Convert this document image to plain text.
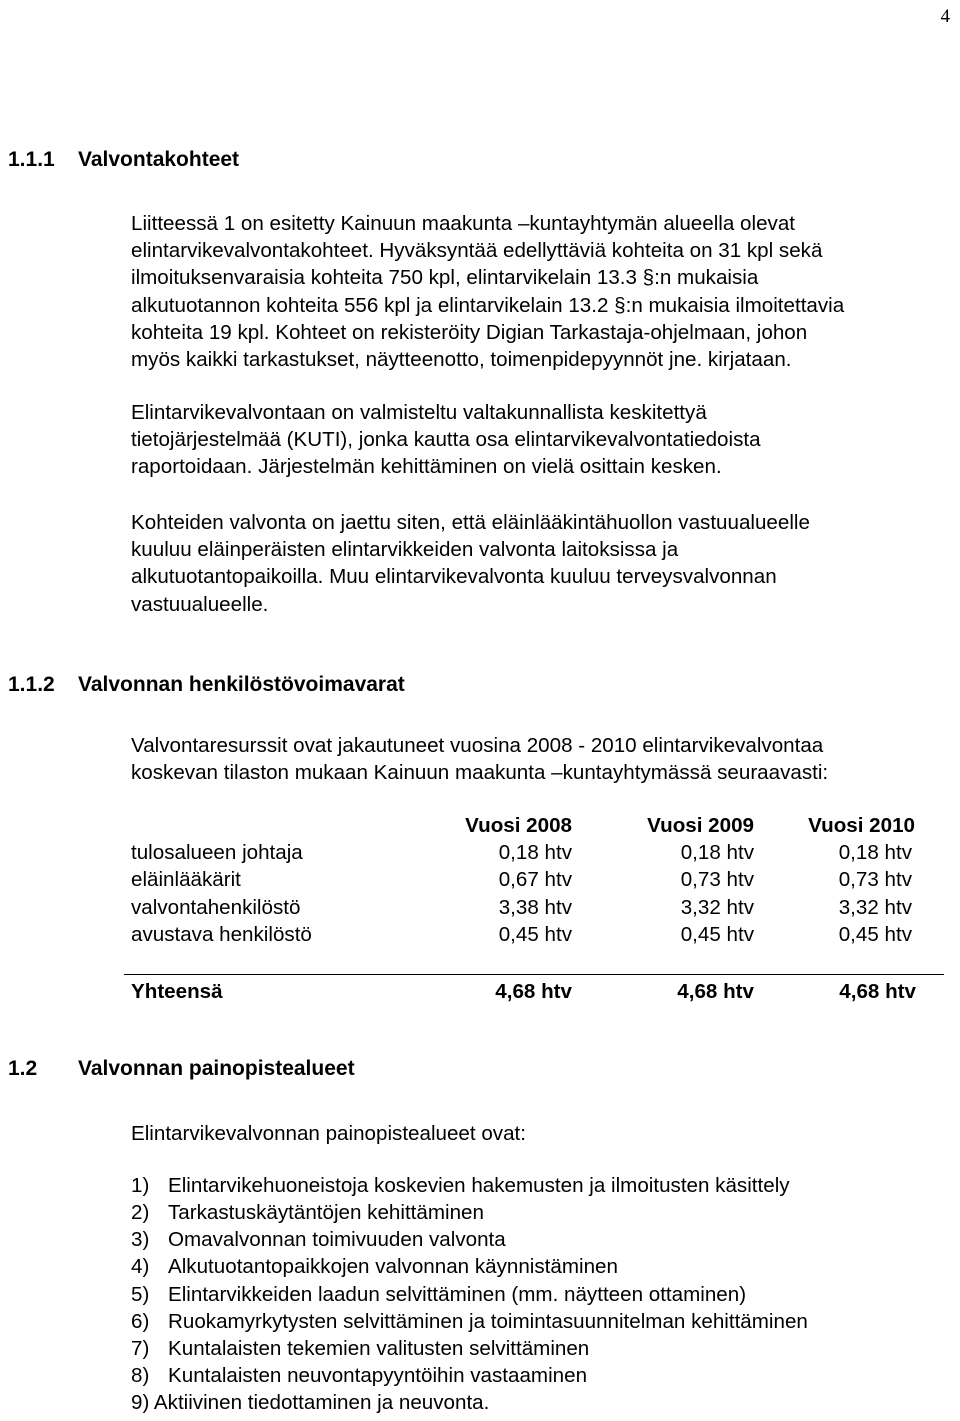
4
1.1.1 Valvontakohteet
Liitteessä 1 on esitetty Kainuun maakunta –kuntayhtymän alueella olevat
elintarvikevalvontakohteet. Hyväksyntää edellyttäviä kohteita on 31 kpl sekä
ilmoituksenvaraisia kohteita 750 kpl, elintarvikelain 13.3 §:n mukaisia
alkutuotannon kohteita 556 kpl ja elintarvikelain 13.2 §:n mukaisia ilmoitettavia
kohteita 19 kpl. Kohteet on rekisteröity Digian Tarkastaja-ohjelmaan, johon
myös kaikki tarkastukset, näytteenotto, toimenpidepyynnöt jne. kirjataan.
Elintarvikevalvontaan on valmisteltu valtakunnallista keskitettyä
tietojärjestelmää (KUTI), jonka kautta osa elintarvikevalvontatiedoista
raportoidaan. Järjestelmän kehittäminen on vielä osittain kesken.
Kohteiden valvonta on jaettu siten, että eläinlääkintähuollon vastuualueelle
kuuluu eläinperäisten elintarvikkeiden valvonta laitoksissa ja
alkutuotantopaikoilla. Muu elintarvikevalvonta kuuluu terveysvalvonnan
vastuualueelle.
1.1.2 Valvonnan henkilöstövoimavarat
Valvontaresurssit ovat jakautuneet vuosina 2008 - 2010 elintarvikevalvontaa
koskevan tilaston mukaan Kainuun maakunta –kuntayhtymässä seuraavasti:
Vuosi 2008	Vuosi 2009	Vuosi 2010
tulosalueen johtaja	0,18 htv	0,18 htv	0,18 htv
eläinlääkärit	0,67 htv	0,73 htv	0,73 htv
valvontahenkilöstö	3,38 htv	3,32 htv	3,32 htv
avustava henkilöstö	0,45 htv	0,45 htv	0,45 htv
Yhteensä	4,68 htv	4,68 htv	4,68 htv
1.2 Valvonnan painopistealueet
Elintarvikevalvonnan painopistealueet ovat:
1) Elintarvikehuoneistoja koskevien hakemusten ja ilmoitusten käsittely
2) Tarkastuskäytäntöjen kehittäminen
3) Omavalvonnan toimivuuden valvonta
4) Alkutuotantopaikkojen valvonnan käynnistäminen
5) Elintarvikkeiden laadun selvittäminen (mm. näytteen ottaminen)
6) Ruokamyrkytysten selvittäminen ja toimintasuunnitelman kehittäminen
7) Kuntalaisten tekemien valitusten selvittäminen
8) Kuntalaisten neuvontapyyntöihin vastaaminen
9) Aktiivinen tiedottaminen ja neuvonta.
